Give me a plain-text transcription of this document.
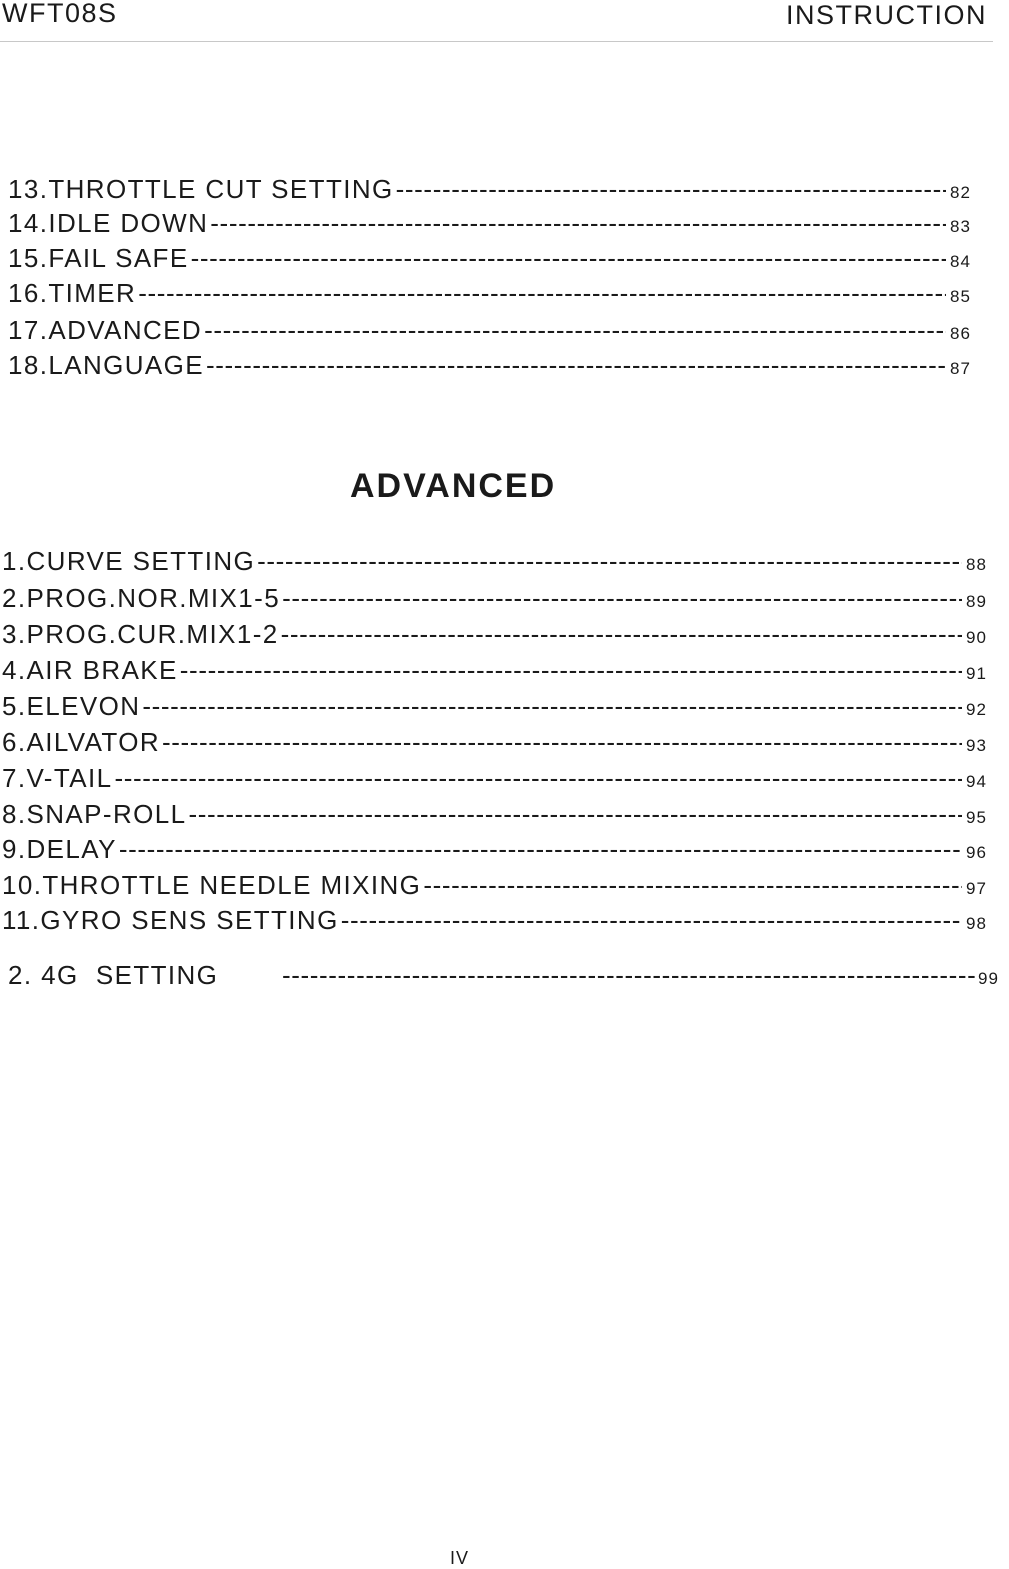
WFT08S	INSTRUCTION
13.THROTTLE CUT SETTING -----	82
14.IDLE DOWN -----	83
15.FAIL SAFE -----	84
16.TIMER -----	85
17.ADVANCED -----	86
18.LANGUAGE -----	87
ADVANCED
1.CURVE SETTING -----	88
2.PROG.NOR.MIX1-5 -----	89
3.PROG.CUR.MIX1-2 -----	90
4.AIR BRAKE -----	91
5.ELEVON -----	92
6.AILVATOR -----	93
7.V-TAIL -----	94
8.SNAP-ROLL -----	95
9.DELAY -----	96
10.THROTTLE NEEDLE MIXING -----	97
11.GYRO SENS SETTING -----	98
2. 4G  SETTING -----	99
IV
